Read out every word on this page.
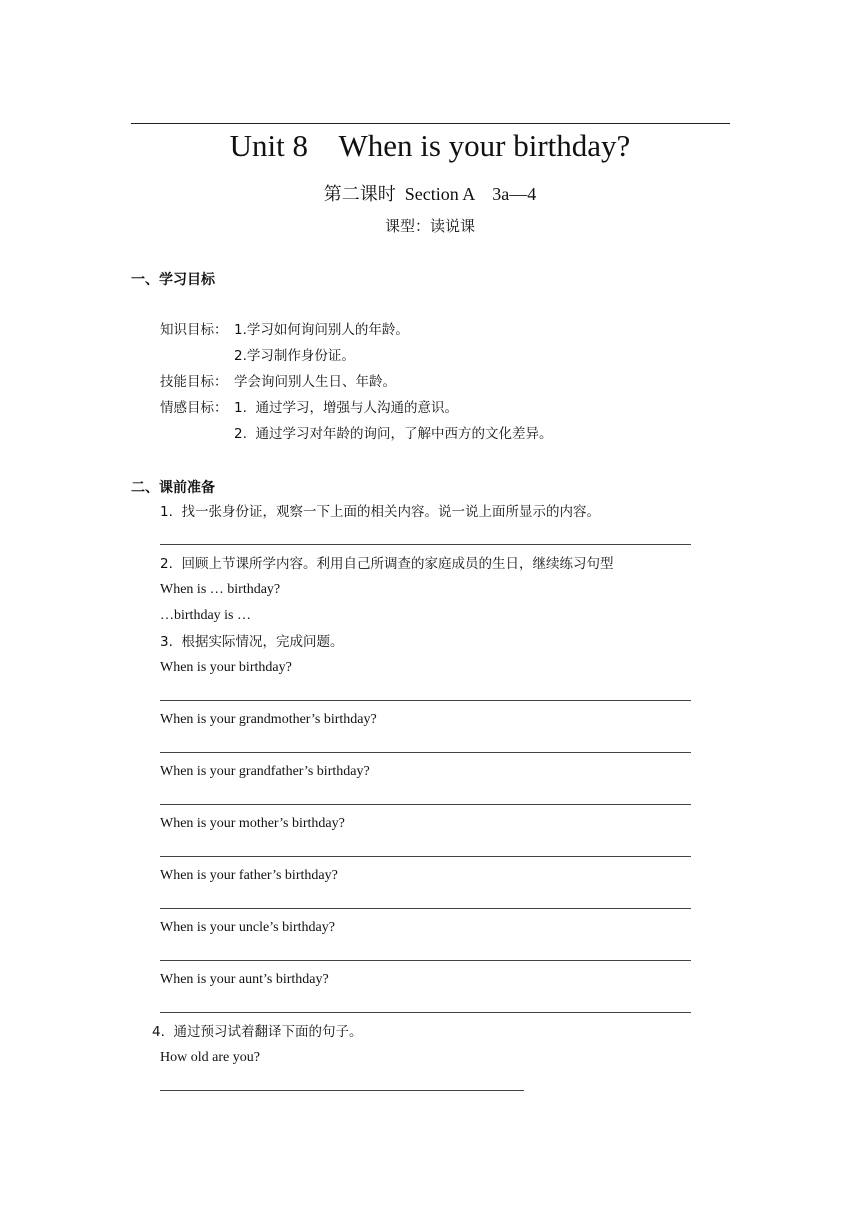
Unit 8    When is your birthday?
第二课时  Section A    3a—4
课型：读说课
一、学习目标
知识目标： 1.学习如何询问别人的年龄。
2.学习制作身份证。
技能目标： 学会询问别人生日、年龄。
情感目标： 1.  通过学习，增强与人沟通的意识。
2.  通过学习对年龄的询问，了解中西方的文化差异。
二、课前准备
1.  找一张身份证，观察一下上面的相关内容。说一说上面所显示的内容。
2.  回顾上节课所学内容。利用自己所调查的家庭成员的生日，继续练习句型
When is … birthday?
…birthday is …
3.  根据实际情况，完成问题。
When is your birthday?
When is your grandmother’s birthday?
When is your grandfather’s birthday?
When is your mother’s birthday?
When is your father’s birthday?
When is your uncle’s birthday?
When is your aunt’s birthday?
4.  通过预习试着翻译下面的句子。
How old are you?
